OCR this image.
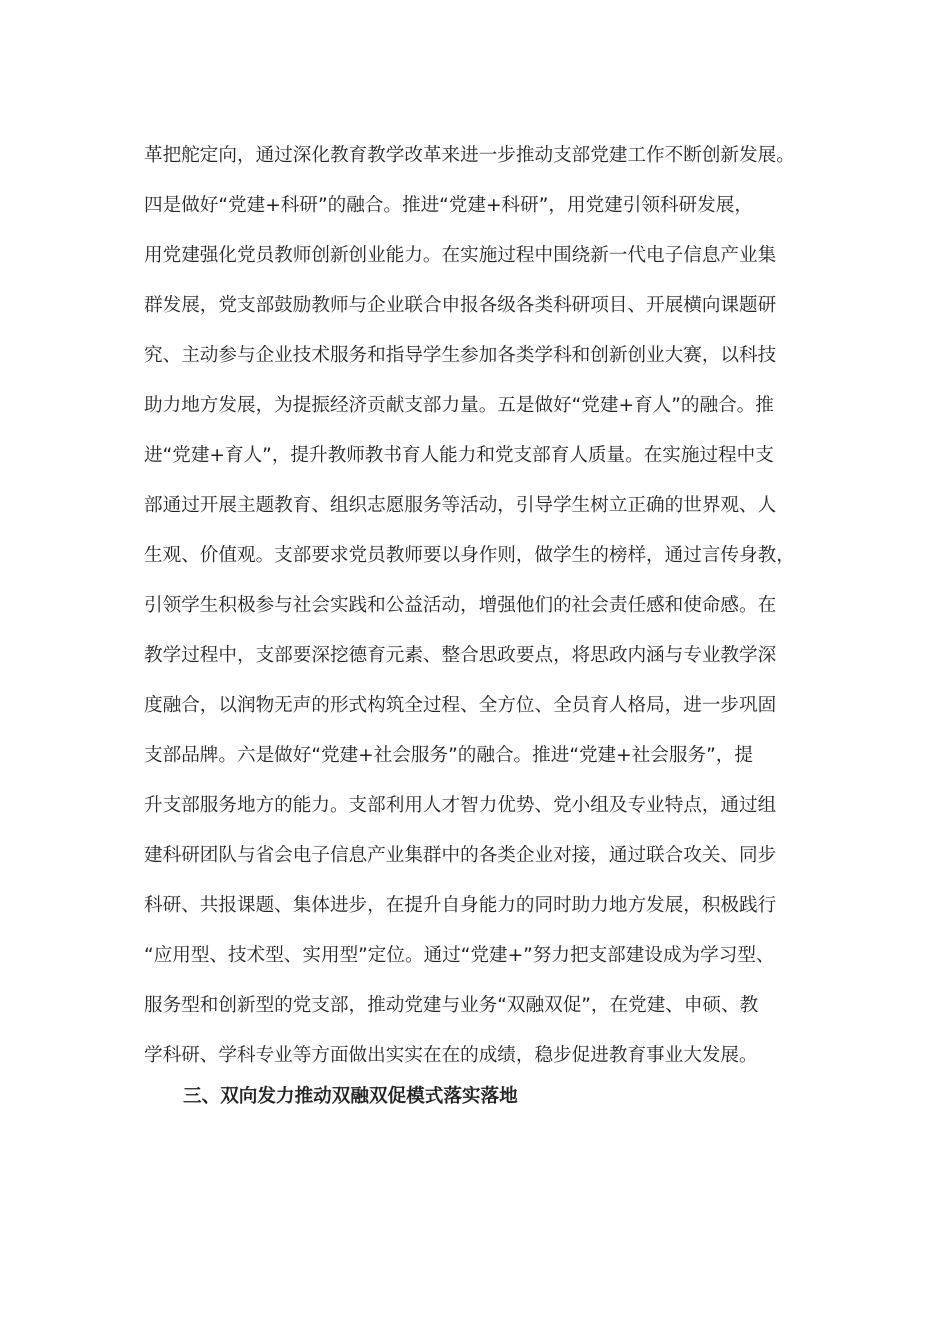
革把舵定向，通过深化教育教学改革来进一步推动支部党建工作不断创新发展。
四是做好“党建+科研”的融合。推进“党建+科研”，用党建引领科研发展，
用党建强化党员教师创新创业能力。在实施过程中围绕新一代电子信息产业集
群发展，党支部鼓励教师与企业联合申报各级各类科研项目、开展横向课题研
究、主动参与企业技术服务和指导学生参加各类学科和创新创业大赛，以科技
助力地方发展，为提振经济贡献支部力量。五是做好“党建+育人”的融合。推
进“党建+育人”，提升教师教书育人能力和党支部育人质量。在实施过程中支
部通过开展主题教育、组织志愿服务等活动，引导学生树立正确的世界观、人
生观、价值观。支部要求党员教师要以身作则，做学生的榜样，通过言传身教，
引领学生积极参与社会实践和公益活动，增强他们的社会责任感和使命感。在
教学过程中，支部要深挖德育元素、整合思政要点，将思政内涵与专业教学深
度融合，以润物无声的形式构筑全过程、全方位、全员育人格局，进一步巩固
支部品牌。六是做好“党建+社会服务”的融合。推进“党建+社会服务”，提
升支部服务地方的能力。支部利用人才智力优势、党小组及专业特点，通过组
建科研团队与省会电子信息产业集群中的各类企业对接，通过联合攻关、同步
科研、共报课题、集体进步，在提升自身能力的同时助力地方发展，积极践行
“应用型、技术型、实用型”定位。通过“党建+”努力把支部建设成为学习型、
服务型和创新型的党支部，推动党建与业务“双融双促”，在党建、申硕、教
学科研、学科专业等方面做出实实在在的成绩，稳步促进教育事业大发展。
三、双向发力推动双融双促模式落实落地
